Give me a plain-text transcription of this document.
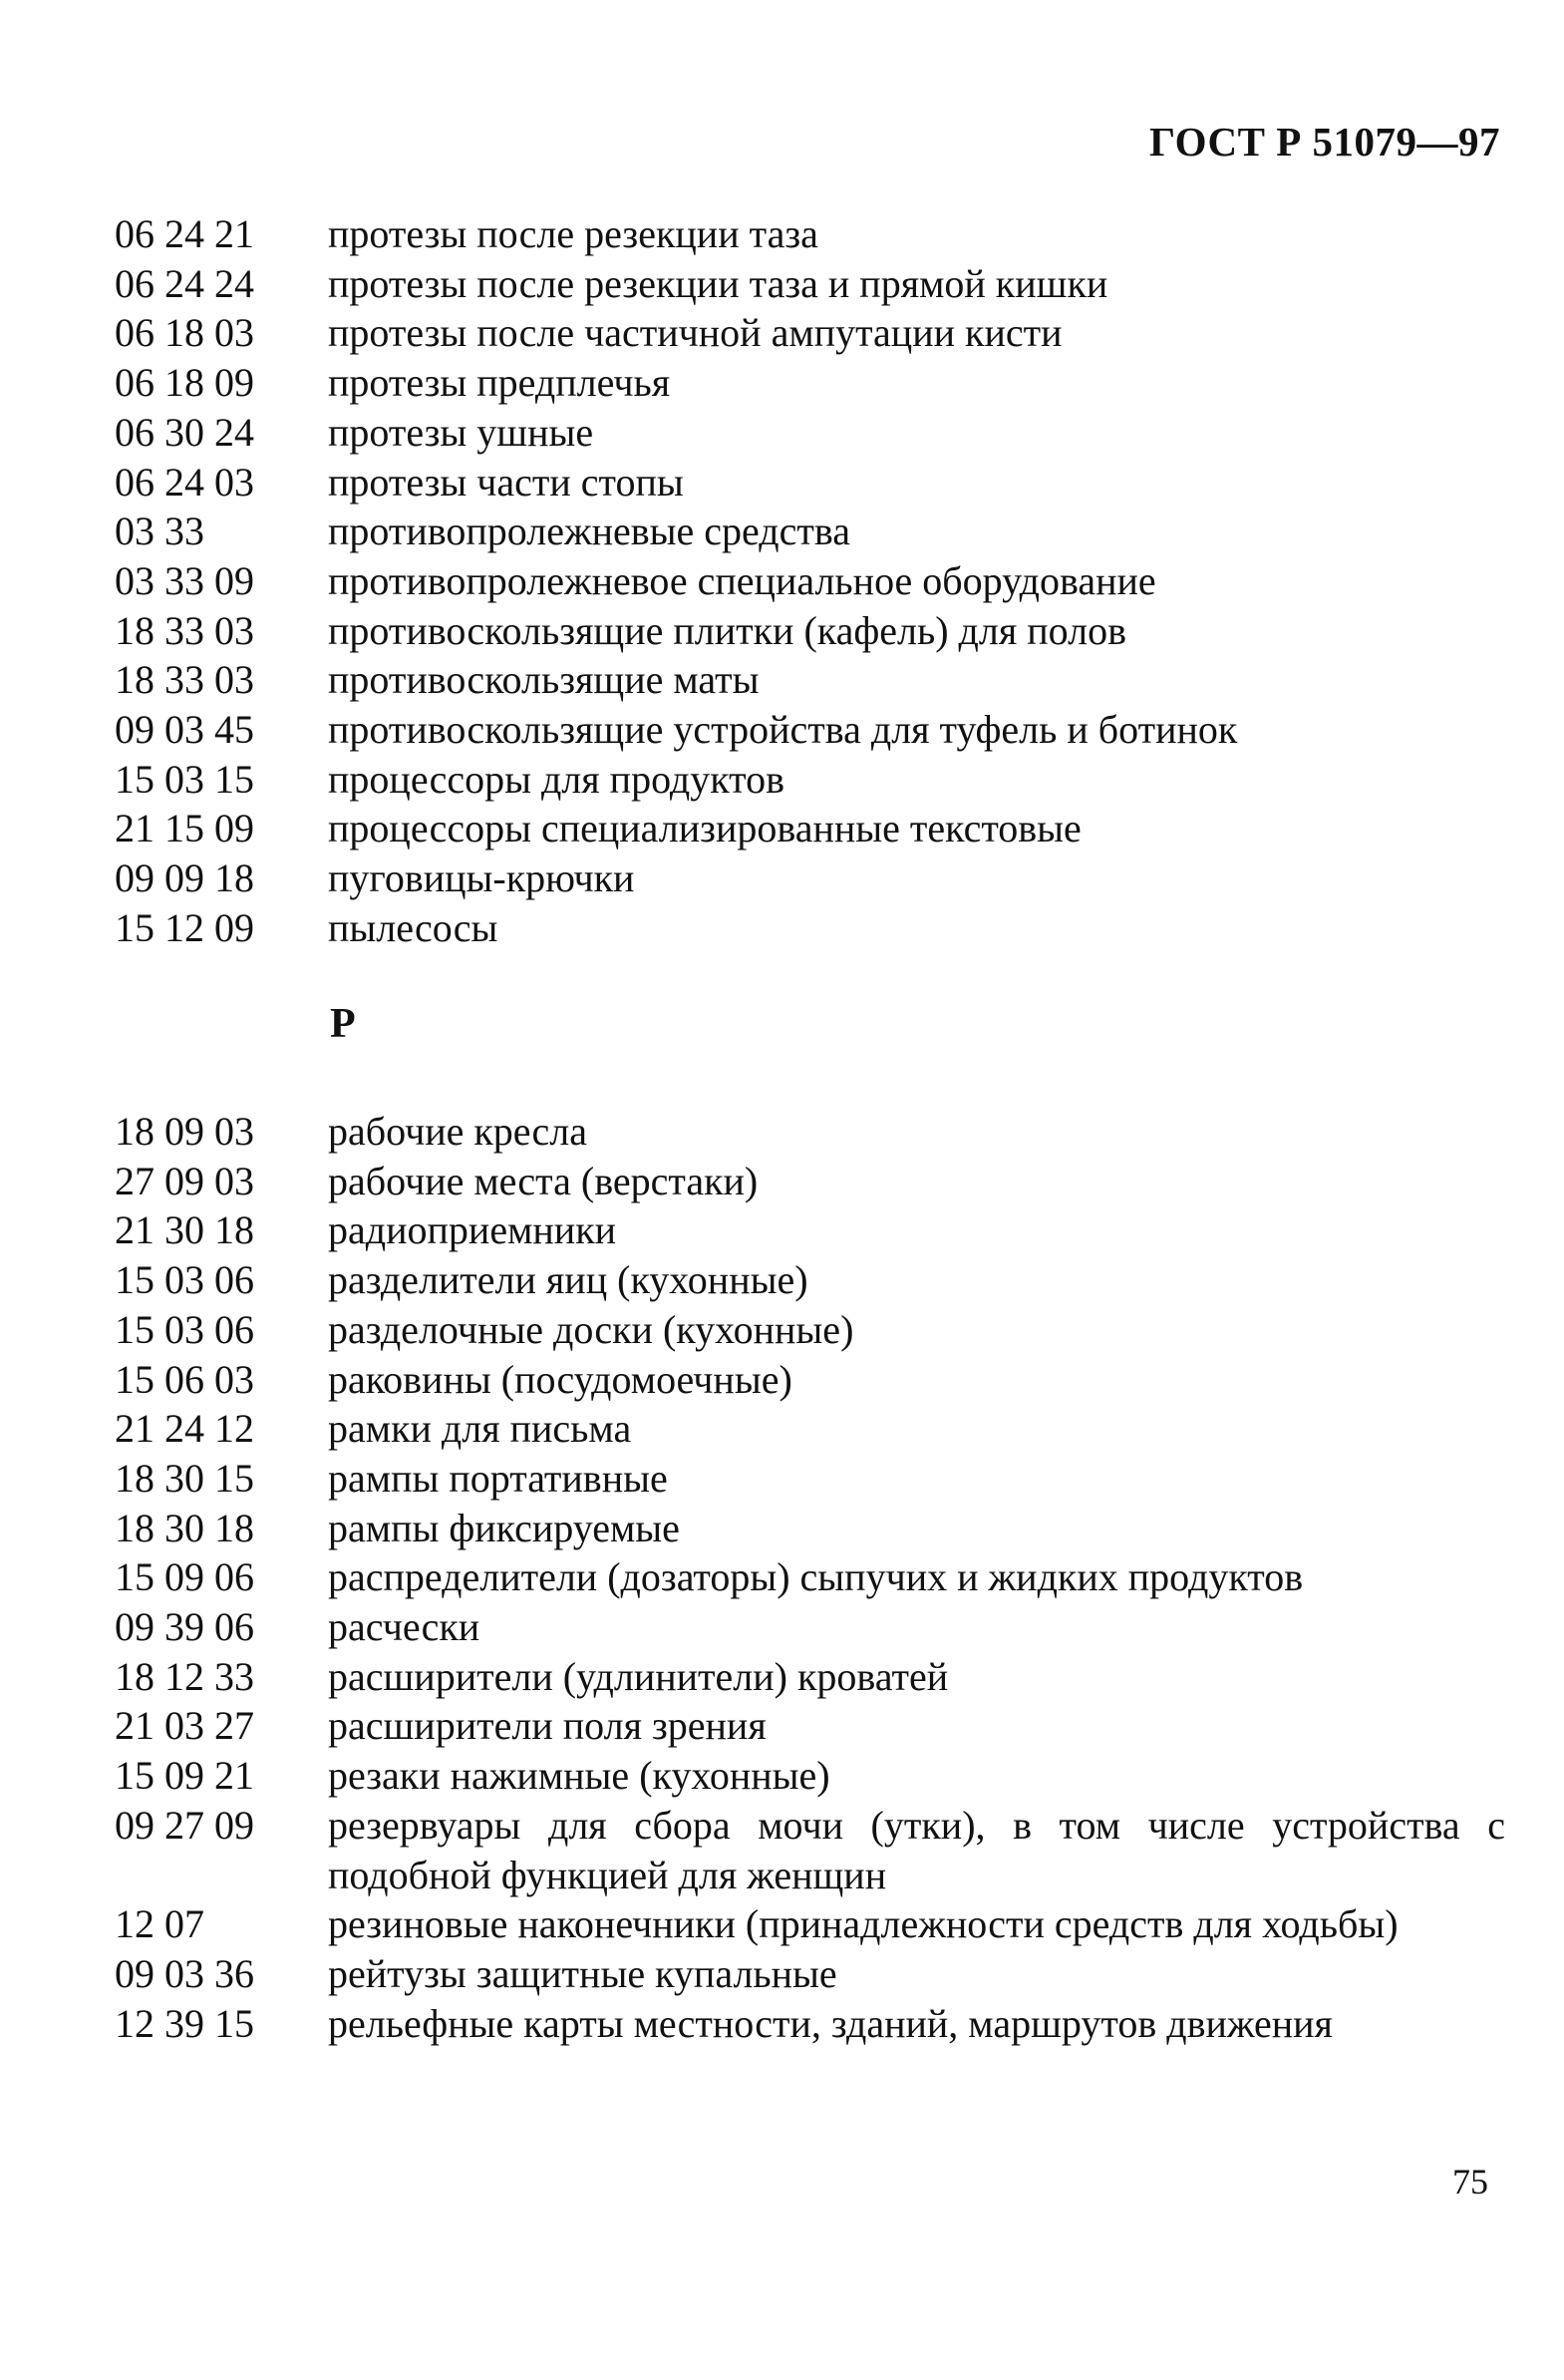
ГОСТ Р 51079—97
06 24 21	протезы после резекции таза
06 24 24	протезы после резекции таза и прямой кишки
06 18 03	протезы после частичной ампутации кисти
06 18 09	протезы предплечья
06 30 24	протезы ушные
06 24 03	протезы части стопы
03 33	противопролежневые средства
03 33 09	противопролежневое специальное оборудование
18 33 03	противоскользящие плитки (кафель) для полов
18 33 03	противоскользящие маты
09 03 45	противоскользящие устройства для туфель и ботинок
15 03 15	процессоры для продуктов
21 15 09	процессоры специализированные текстовые
09 09 18	пуговицы-крючки
15 12 09	пылесосы
Р
18 09 03	рабочие кресла
27 09 03	рабочие места (верстаки)
21 30 18	радиоприемники
15 03 06	разделители яиц (кухонные)
15 03 06	разделочные доски (кухонные)
15 06 03	раковины (посудомоечные)
21 24 12	рамки для письма
18 30 15	рампы портативные
18 30 18	рампы фиксируемые
15 09 06	распределители (дозаторы) сыпучих и жидких продуктов
09 39 06	расчески
18 12 33	расширители (удлинители) кроватей
21 03 27	расширители поля зрения
15 09 21	резаки нажимные (кухонные)
09 27 09	резервуары для сбора мочи (утки), в том числе устройства с подобной функцией для женщин
12 07	резиновые наконечники (принадлежности средств для ходьбы)
09 03 36	рейтузы защитные купальные
12 39 15	рельефные карты местности, зданий, маршрутов движения
75
